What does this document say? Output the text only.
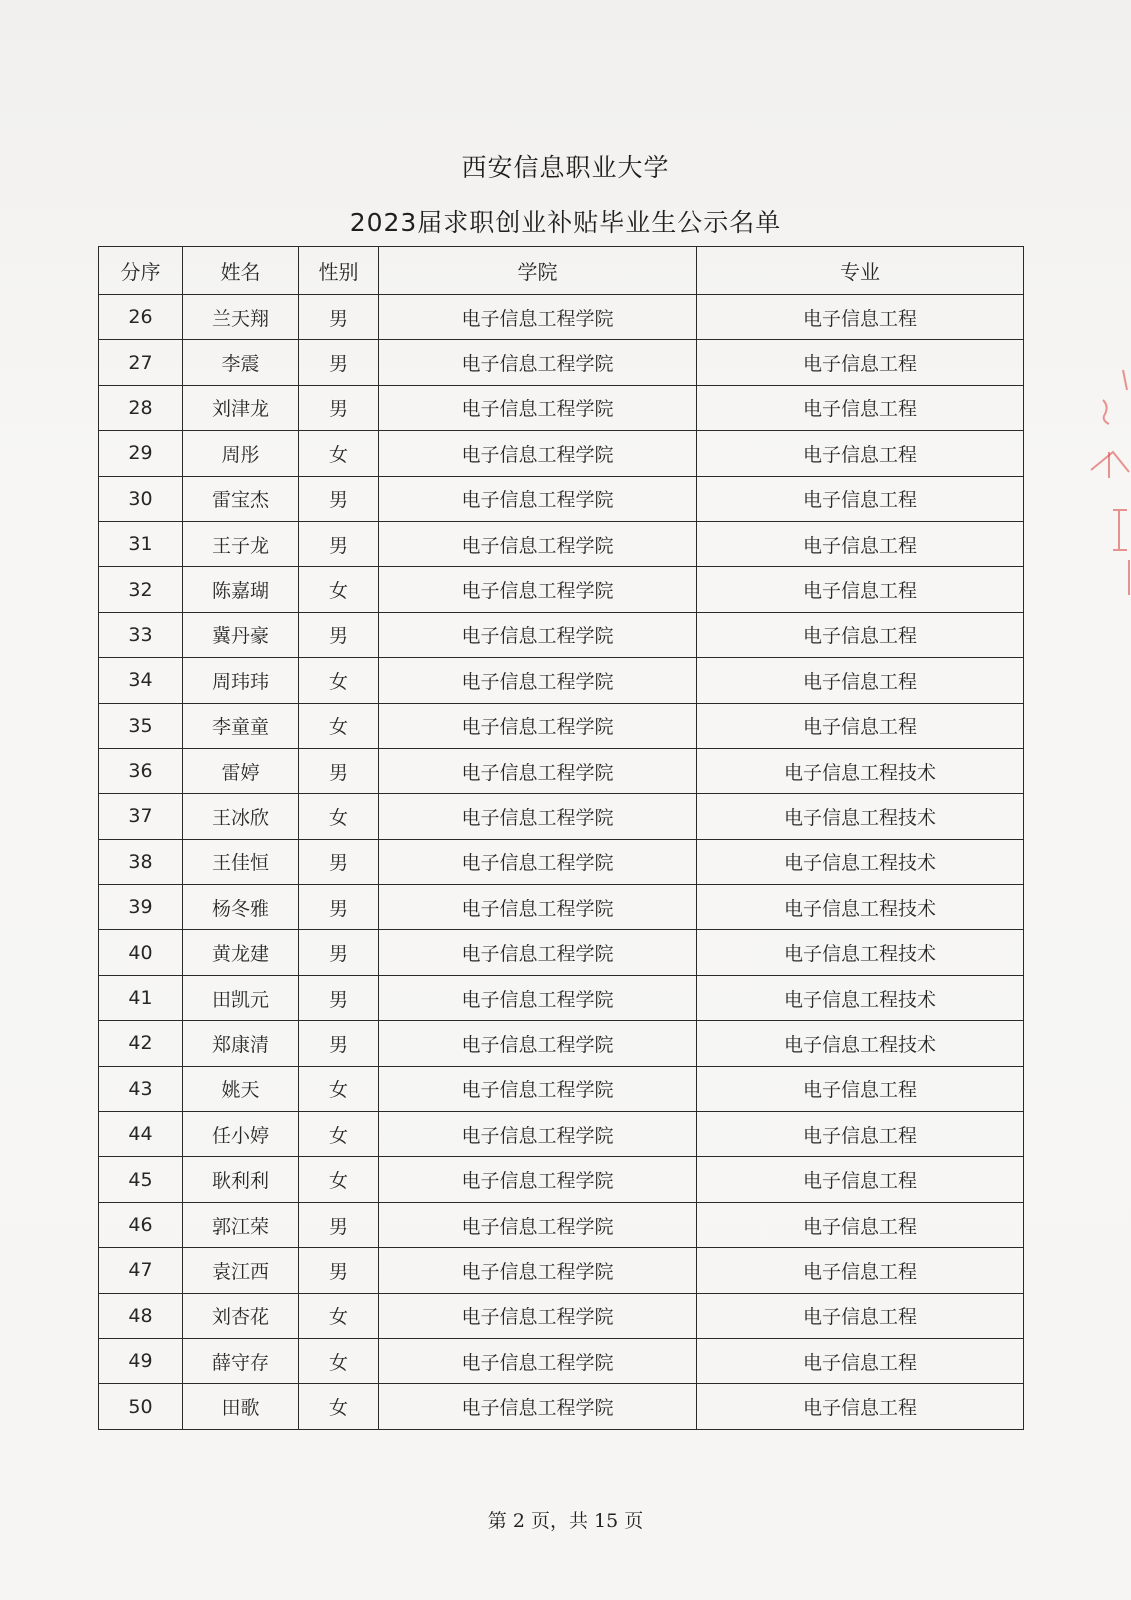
西安信息职业大学
2023届求职创业补贴毕业生公示名单
分序	姓名	性别	学院	专业
26	兰天翔	男	电子信息工程学院	电子信息工程
27	李震	男	电子信息工程学院	电子信息工程
28	刘津龙	男	电子信息工程学院	电子信息工程
29	周彤	女	电子信息工程学院	电子信息工程
30	雷宝杰	男	电子信息工程学院	电子信息工程
31	王子龙	男	电子信息工程学院	电子信息工程
32	陈嘉瑚	女	电子信息工程学院	电子信息工程
33	冀丹豪	男	电子信息工程学院	电子信息工程
34	周玮玮	女	电子信息工程学院	电子信息工程
35	李童童	女	电子信息工程学院	电子信息工程
36	雷婷	男	电子信息工程学院	电子信息工程技术
37	王冰欣	女	电子信息工程学院	电子信息工程技术
38	王佳恒	男	电子信息工程学院	电子信息工程技术
39	杨冬雅	男	电子信息工程学院	电子信息工程技术
40	黄龙建	男	电子信息工程学院	电子信息工程技术
41	田凯元	男	电子信息工程学院	电子信息工程技术
42	郑康清	男	电子信息工程学院	电子信息工程技术
43	姚天	女	电子信息工程学院	电子信息工程
44	任小婷	女	电子信息工程学院	电子信息工程
45	耿利利	女	电子信息工程学院	电子信息工程
46	郭江荣	男	电子信息工程学院	电子信息工程
47	袁江西	男	电子信息工程学院	电子信息工程
48	刘杏花	女	电子信息工程学院	电子信息工程
49	薛守存	女	电子信息工程学院	电子信息工程
50	田歌	女	电子信息工程学院	电子信息工程
第 2 页，共 15 页
